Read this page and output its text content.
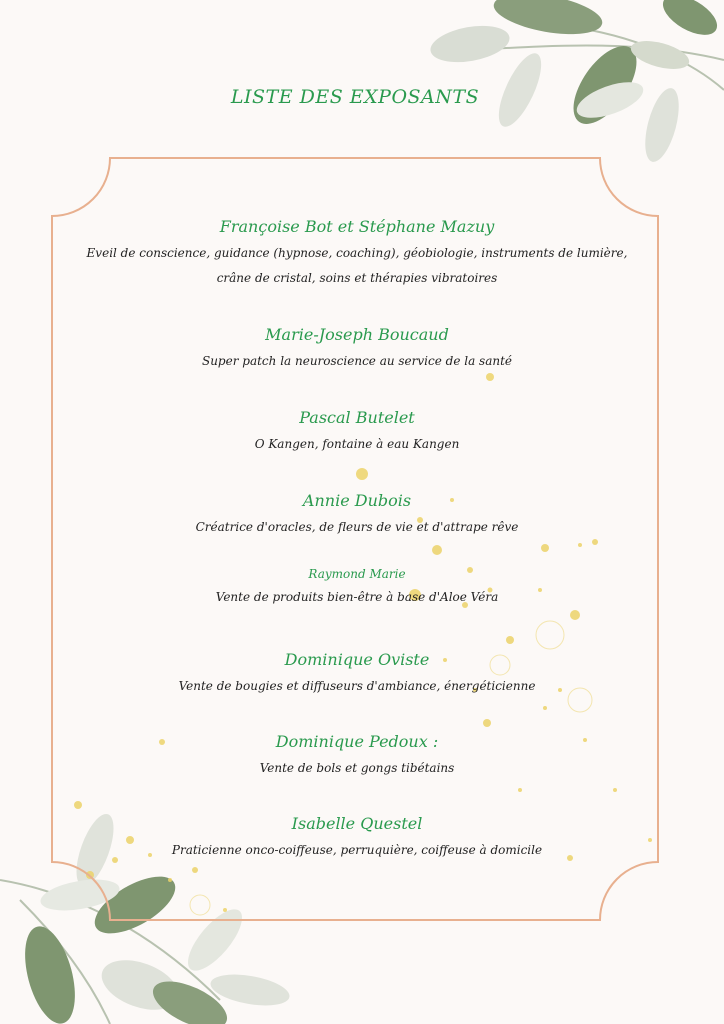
LISTE DES EXPOSANTS
Françoise Bot et Stéphane Mazuy
Eveil de conscience, guidance (hypnose, coaching), géobiologie, instruments de lumière, crâne de cristal, soins et thérapies vibratoires
Marie-Joseph Boucaud
Super patch la neuroscience au service de la santé
Pascal Butelet
O Kangen, fontaine à eau Kangen
Annie Dubois
Créatrice d'oracles, de fleurs de vie et d'attrape rêve
Raymond Marie
Vente de produits bien-être à base d'Aloe Véra
Dominique Oviste
Vente de bougies et diffuseurs d'ambiance, énergéticienne
Dominique Pedoux :
Vente de bols et gongs tibétains
Isabelle Questel
Praticienne onco-coiffeuse, perruquière, coiffeuse à domicile
